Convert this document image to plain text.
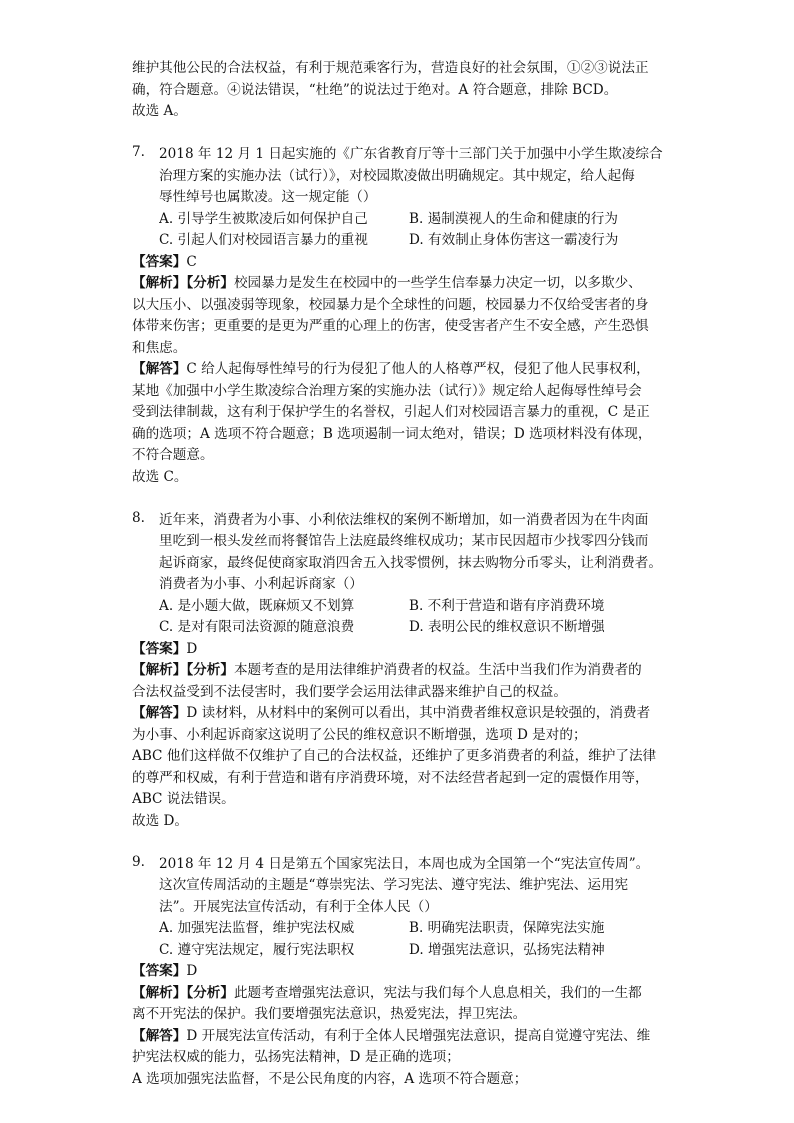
维护其他公民的合法权益，有利于规范乘客行为，营造良好的社会氛围，①②③说法正
确，符合题意。④说法错误，“杜绝”的说法过于绝对。A 符合题意，排除 BCD。
故选 A。
7. 2018 年 12 月 1 日起实施的《广东省教育厅等十三部门关于加强中小学生欺凌综合
治理方案的实施办法（试行）》，对校园欺凌做出明确规定。其中规定，给人起侮
辱性绰号也属欺凌。这一规定能（）
A. 引导学生被欺凌后如何保护自己	B. 遏制漠视人的生命和健康的行为
C. 引起人们对校园语言暴力的重视	D. 有效制止身体伤害这一霸凌行为
【答案】C
【解析】【分析】校园暴力是发生在校园中的一些学生信奉暴力决定一切，以多欺少、
以大压小、以强凌弱等现象，校园暴力是个全球性的问题，校园暴力不仅给受害者的身
体带来伤害；更重要的是更为严重的心理上的伤害，使受害者产生不安全感，产生恐惧
和焦虑。
【解答】C 给人起侮辱性绰号的行为侵犯了他人的人格尊严权，侵犯了他人民事权利，
某地《加强中小学生欺凌综合治理方案的实施办法（试行）》规定给人起侮辱性绰号会
受到法律制裁，这有利于保护学生的名誉权，引起人们对校园语言暴力的重视，C 是正
确的选项；A 选项不符合题意；B 选项遏制一词太绝对，错误；D 选项材料没有体现，
不符合题意。
故选 C。
8. 近年来，消费者为小事、小利依法维权的案例不断增加，如一消费者因为在牛肉面
里吃到一根头发丝而将餐馆告上法庭最终维权成功；某市民因超市少找零四分钱而
起诉商家，最终促使商家取消四舍五入找零惯例，抹去购物分币零头，让利消费者。
消费者为小事、小利起诉商家（）
A. 是小题大做，既麻烦又不划算	B. 不利于营造和谐有序消费环境
C. 是对有限司法资源的随意浪费	D. 表明公民的维权意识不断增强
【答案】D
【解析】【分析】本题考查的是用法律维护消费者的权益。生活中当我们作为消费者的
合法权益受到不法侵害时，我们要学会运用法律武器来维护自己的权益。
【解答】D 读材料，从材料中的案例可以看出，其中消费者维权意识是较强的，消费者
为小事、小利起诉商家这说明了公民的维权意识不断增强，选项 D 是对的；
ABC 他们这样做不仅维护了自己的合法权益，还维护了更多消费者的利益，维护了法律
的尊严和权威，有利于营造和谐有序消费环境，对不法经营者起到一定的震慑作用等，
ABC 说法错误。
故选 D。
9. 2018 年 12 月 4 日是第五个国家宪法日，本周也成为全国第一个“宪法宣传周”。
这次宣传周活动的主题是“尊崇宪法、学习宪法、遵守宪法、维护宪法、运用宪
法”。开展宪法宣传活动，有利于全体人民（）
A. 加强宪法监督，维护宪法权威	B. 明确宪法职责，保障宪法实施
C. 遵守宪法规定，履行宪法职权	D. 增强宪法意识，弘扬宪法精神
【答案】D
【解析】【分析】此题考查增强宪法意识，宪法与我们每个人息息相关，我们的一生都
离不开宪法的保护。我们要增强宪法意识，热爱宪法，捍卫宪法。
【解答】D 开展宪法宣传活动，有利于全体人民增强宪法意识，提高自觉遵守宪法、维
护宪法权威的能力，弘扬宪法精神，D 是正确的选项；
A 选项加强宪法监督，不是公民角度的内容，A 选项不符合题意；
